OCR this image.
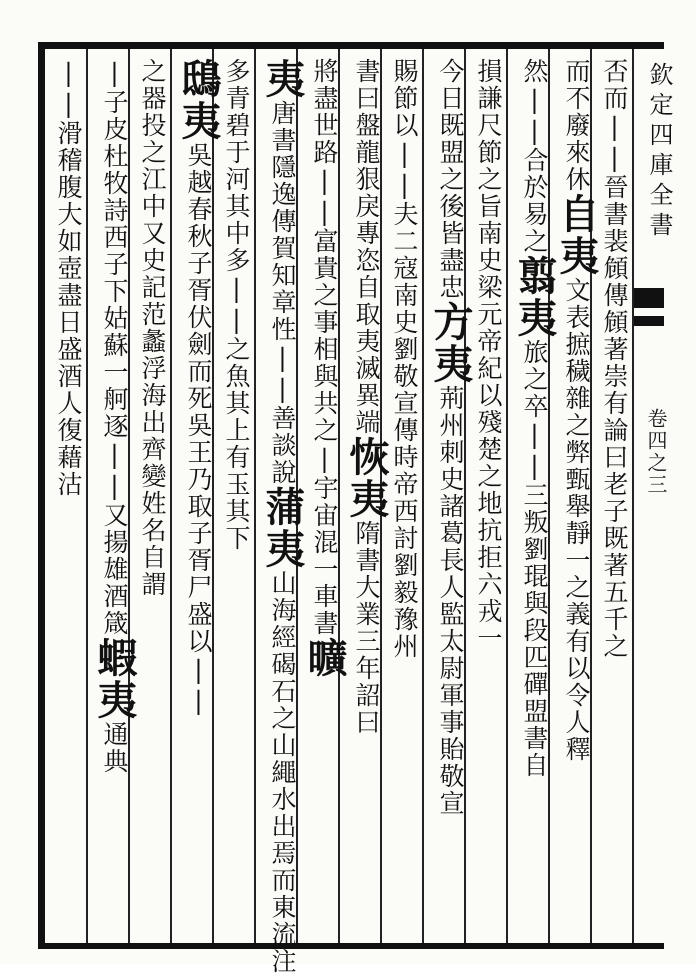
欽定四庫全書
卷四之三
否而||晉書裴頠傳頠著崇有論曰老子既著五千之
而不廢來休自夷文表摭穢雜之弊甄舉靜一之義有以令人釋
然||合於易之翦夷旅之卒||三叛劉琨與段匹磾盟書自
損謙尺節之旨南史梁元帝紀以殘楚之地抗拒六戎一
今日既盟之後皆盡忠方夷荊州刺史諸葛長人監太尉軍事貽敬宣
賜節以||夫二寇南史劉敬宣傳時帝西討劉毅豫州
書曰盤龍狠戾專恣自取夷滅異端恢夷隋書大業三年詔曰
將盡世路||富貴之事相與共之|宇宙混一車書曠
夷唐書隱逸傳賀知章性||善談說蒲夷山海經碣石之山繩水出焉而東流注
多青碧于河其中多||之魚其上有玉其下
鴟夷吳越春秋子胥伏劍而死吳王乃取子胥尸盛以||
之器投之江中又史記范蠡浮海出齊變姓名自謂
|子皮杜牧詩西子下姑蘇一舸逐||又揚雄酒箴蝦夷通典
||滑稽腹大如壺盡日盛酒人復藉沽
